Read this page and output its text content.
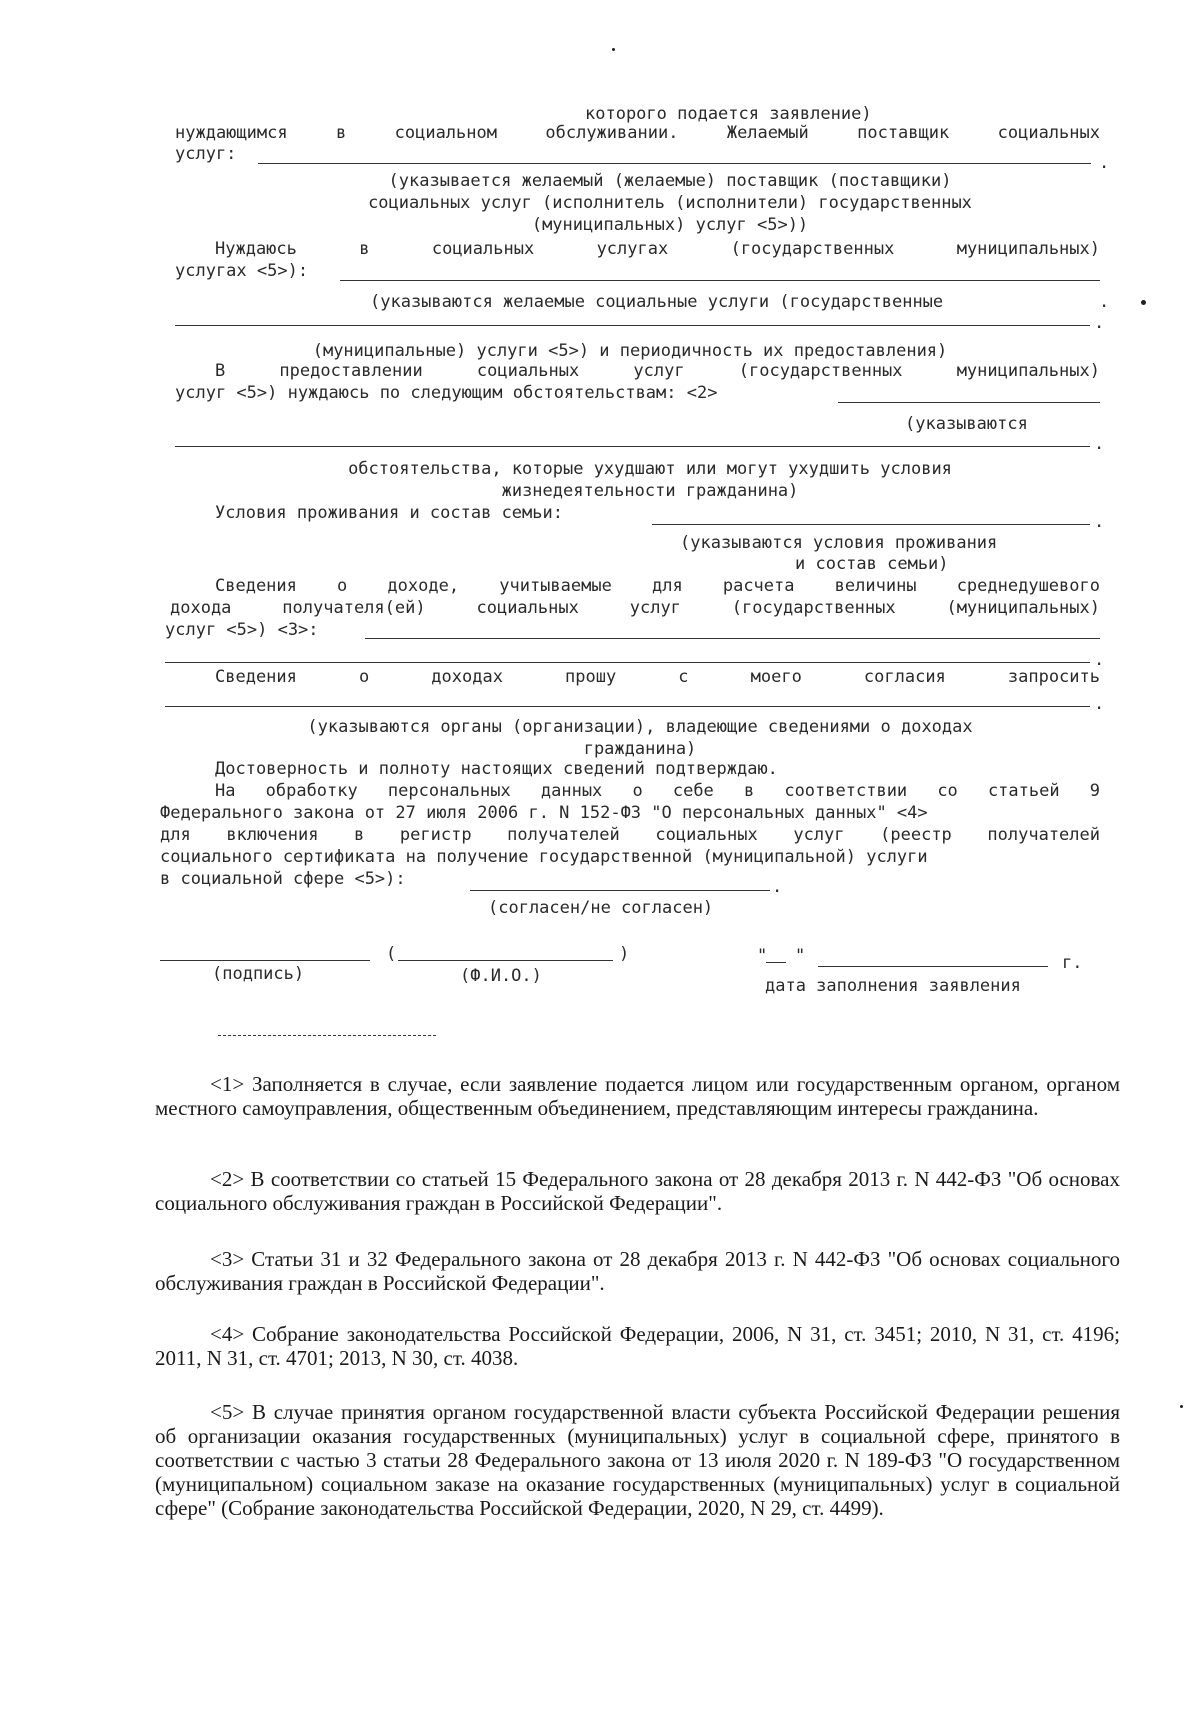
которого подается заявление)
нуждающимся в социальном обслуживании. Желаемый поставщик социальных
услуг:	.
(указывается желаемый (желаемые) поставщик (поставщики)
социальных услуг (исполнитель (исполнители) государственных
(муниципальных) услуг <5>))
Нуждаюсь в социальных услугах (государственных муниципальных)
услугах <5>):
(указываются желаемые социальные услуги (государственные	.
.
(муниципальные) услуги <5>) и периодичность их предоставления)
В предоставлении социальных услуг (государственных муниципальных)
услуг <5>) нуждаюсь по следующим обстоятельствам: <2>
(указываются
.
обстоятельства, которые ухудшают или могут ухудшить условия
жизнедеятельности гражданина)
Условия проживания и состав семьи:	.
(указываются условия проживания
и состав семьи)
Сведения о доходе, учитываемые для расчета величины среднедушевого
дохода получателя(ей) социальных услуг (государственных (муниципальных)
услуг <5>) <3>:
.
Сведения о доходах прошу с моего согласия запросить
.
(указываются органы (организации), владеющие сведениями о доходах
гражданина)
Достоверность и полноту настоящих сведений подтверждаю.
На обработку персональных данных о себе в соответствии со статьей 9
Федерального закона от 27 июля 2006 г. N 152-ФЗ "О персональных данных" <4>
для включения в регистр получателей социальных услуг (реестр получателей
социального сертификата на получение государственной (муниципальной) услуги
в социальной сфере <5>):	.
(согласен/не согласен)
(	)	" "	г.
(подпись)	(Ф.И.О.)	дата заполнения заявления

<1> Заполняется в случае, если заявление подается лицом или государственным органом, органом местного самоуправления, общественным объединением, представляющим интересы гражданина.

<2> В соответствии со статьей 15 Федерального закона от 28 декабря 2013 г. N 442-ФЗ "Об основах социального обслуживания граждан в Российской Федерации".

<3> Статьи 31 и 32 Федерального закона от 28 декабря 2013 г. N 442-ФЗ "Об основах социального обслуживания граждан в Российской Федерации".

<4> Собрание законодательства Российской Федерации, 2006, N 31, ст. 3451; 2010, N 31, ст. 4196; 2011, N 31, ст. 4701; 2013, N 30, ст. 4038.

<5> В случае принятия органом государственной власти субъекта Российской Федерации решения об организации оказания государственных (муниципальных) услуг в социальной сфере, принятого в соответствии с частью 3 статьи 28 Федерального закона от 13 июля 2020 г. N 189-ФЗ "О государственном (муниципальном) социальном заказе на оказание государственных (муниципальных) услуг в социальной сфере" (Собрание законодательства Российской Федерации, 2020, N 29, ст. 4499).
